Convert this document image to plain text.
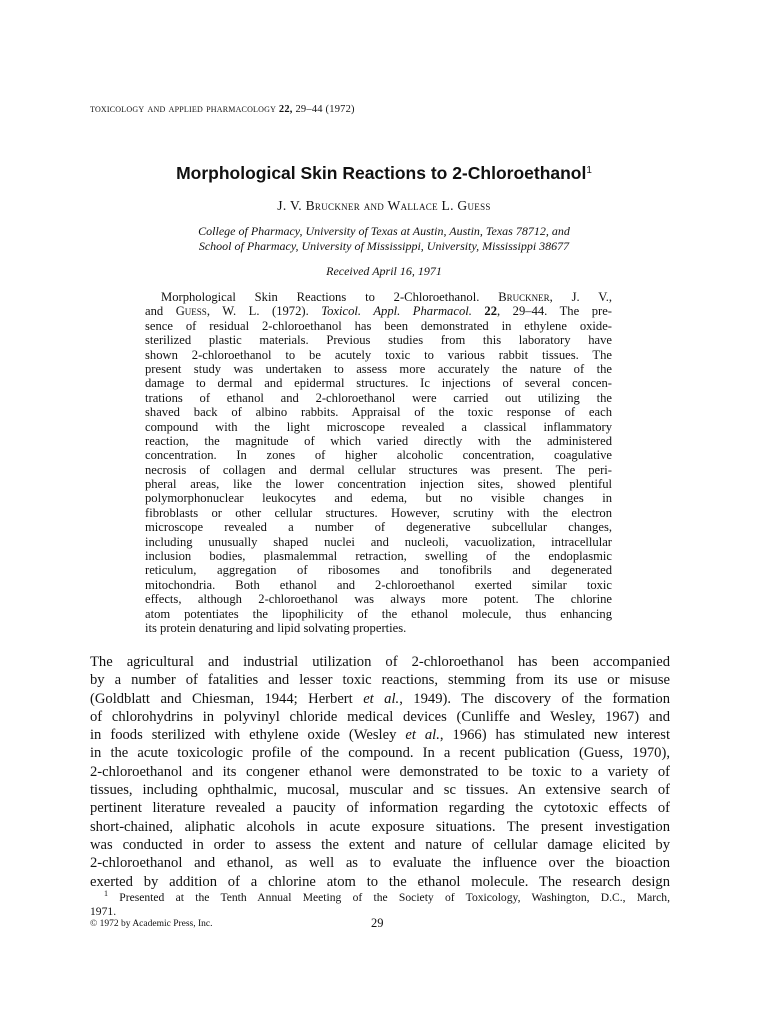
toxicology and applied pharmacology 22, 29–44 (1972)
Morphological Skin Reactions to 2-Chloroethanol$^1$
J. V. Bruckner and Wallace L. Guess
College of Pharmacy, University of Texas at Austin, Austin, Texas 78712, and
School of Pharmacy, University of Mississippi, University, Mississippi 38677
Received April 16, 1971
Morphological Skin Reactions to 2-Chloroethanol. Bruckner, J. V.,
and Guess, W. L. (1972). Toxicol. Appl. Pharmacol. 22, 29–44. The pre-
sence of residual 2-chloroethanol has been demonstrated in ethylene oxide-
sterilized plastic materials. Previous studies from this laboratory have
shown 2-chloroethanol to be acutely toxic to various rabbit tissues. The
present study was undertaken to assess more accurately the nature of the
damage to dermal and epidermal structures. Ic injections of several concen-
trations of ethanol and 2-chloroethanol were carried out utilizing the
shaved back of albino rabbits. Appraisal of the toxic response of each
compound with the light microscope revealed a classical inflammatory
reaction, the magnitude of which varied directly with the administered
concentration. In zones of higher alcoholic concentration, coagulative
necrosis of collagen and dermal cellular structures was present. The peri-
pheral areas, like the lower concentration injection sites, showed plentiful
polymorphonuclear leukocytes and edema, but no visible changes in
fibroblasts or other cellular structures. However, scrutiny with the electron
microscope revealed a number of degenerative subcellular changes,
including unusually shaped nuclei and nucleoli, vacuolization, intracellular
inclusion bodies, plasmalemmal retraction, swelling of the endoplasmic
reticulum, aggregation of ribosomes and tonofibrils and degenerated
mitochondria. Both ethanol and 2-chloroethanol exerted similar toxic
effects, although 2-chloroethanol was always more potent. The chlorine
atom potentiates the lipophilicity of the ethanol molecule, thus enhancing
its protein denaturing and lipid solvating properties.
The agricultural and industrial utilization of 2-chloroethanol has been accompanied
by a number of fatalities and lesser toxic reactions, stemming from its use or misuse
(Goldblatt and Chiesman, 1944; Herbert et al., 1949). The discovery of the formation
of chlorohydrins in polyvinyl chloride medical devices (Cunliffe and Wesley, 1967) and
in foods sterilized with ethylene oxide (Wesley et al., 1966) has stimulated new interest
in the acute toxicologic profile of the compound. In a recent publication (Guess, 1970),
2-chloroethanol and its congener ethanol were demonstrated to be toxic to a variety of
tissues, including ophthalmic, mucosal, muscular and sc tissues. An extensive search of
pertinent literature revealed a paucity of information regarding the cytotoxic effects of
short-chained, aliphatic alcohols in acute exposure situations. The present investigation
was conducted in order to assess the extent and nature of cellular damage elicited by
2-chloroethanol and ethanol, as well as to evaluate the influence over the bioaction
exerted by addition of a chlorine atom to the ethanol molecule. The research design
$^1$ Presented at the Tenth Annual Meeting of the Society of Toxicology, Washington, D.C., March,
1971.
© 1972 by Academic Press, Inc.	29
